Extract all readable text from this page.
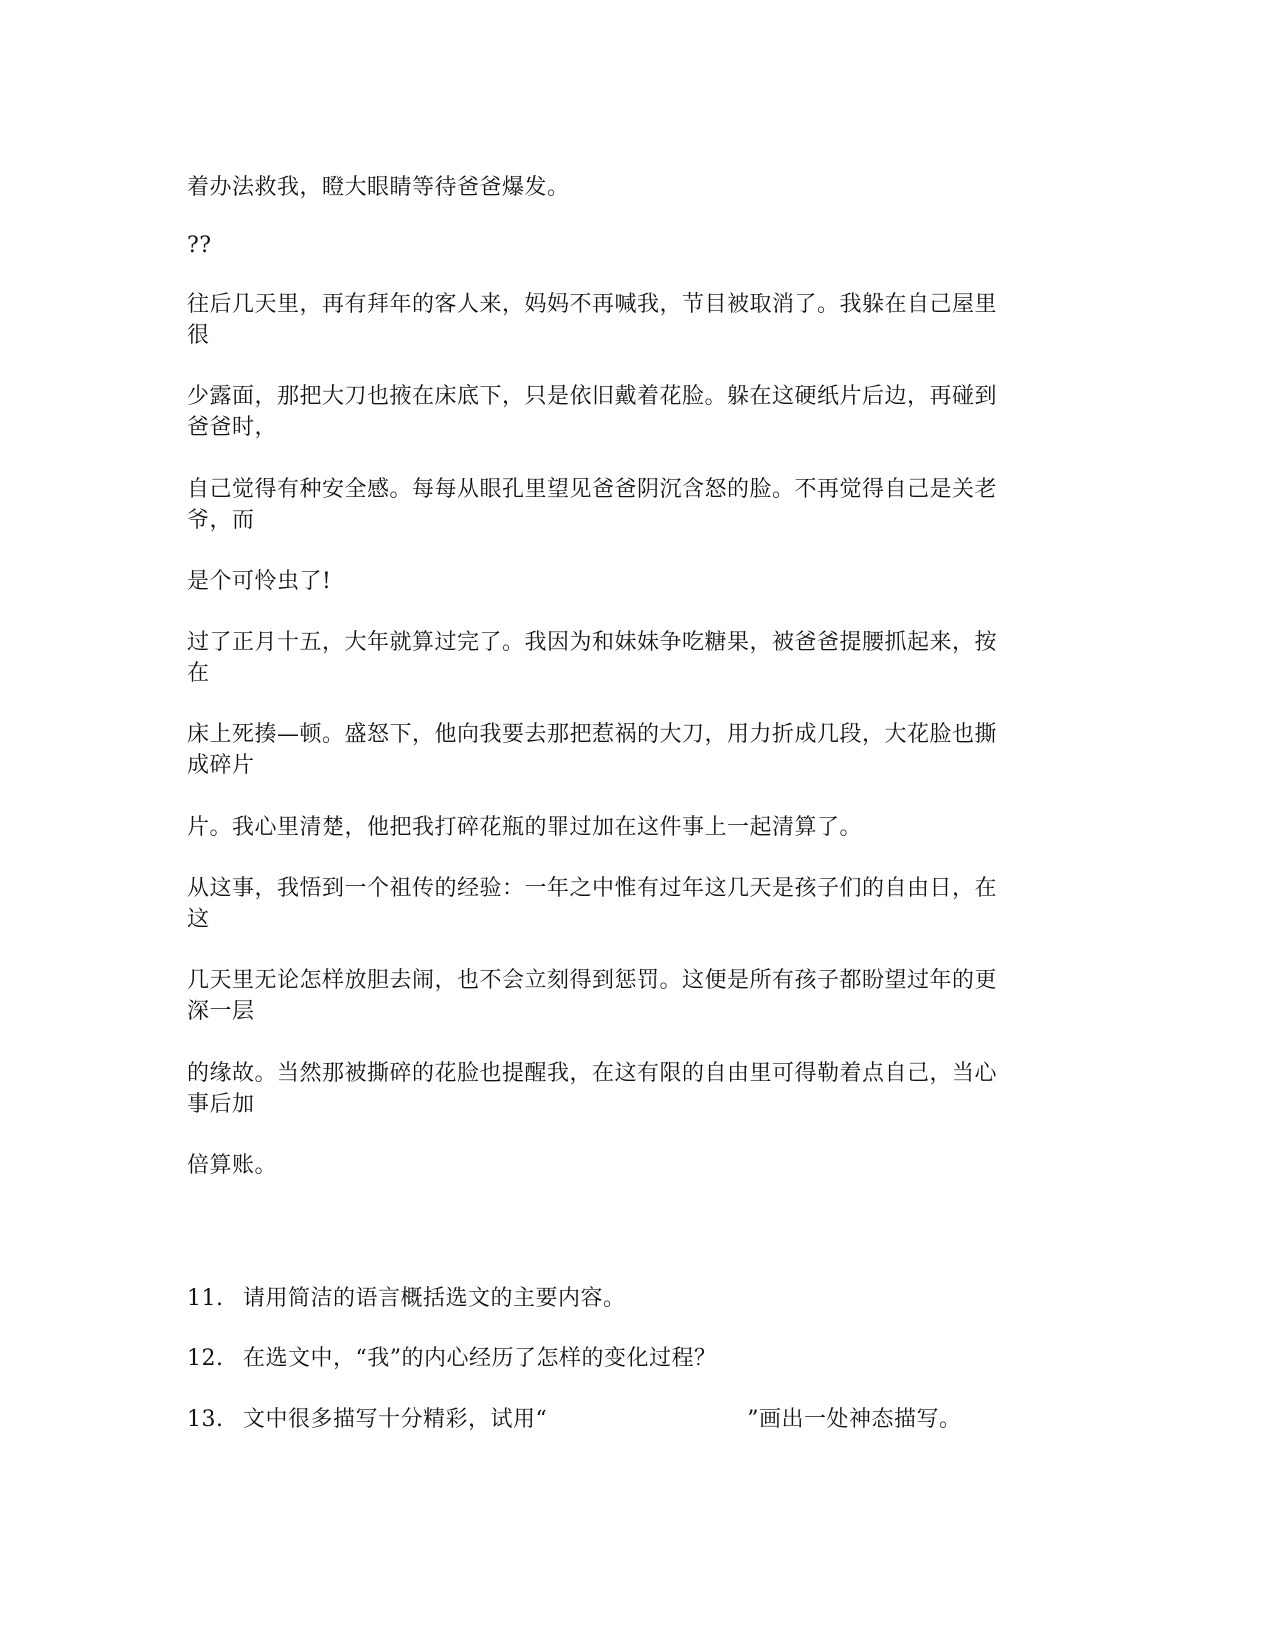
着办法救我，瞪大眼睛等待爸爸爆发。
??
往后几天里，再有拜年的客人来，妈妈不再喊我，节目被取消了。我躲在自己屋里
很
少露面，那把大刀也掖在床底下，只是依旧戴着花脸。躲在这硬纸片后边，再碰到
爸爸时，
自己觉得有种安全感。每每从眼孔里望见爸爸阴沉含怒的脸。不再觉得自己是关老
爷，而
是个可怜虫了!
过了正月十五，大年就算过完了。我因为和妹妹争吃糖果，被爸爸提腰抓起来，按
在
床上死揍—顿。盛怒下，他向我要去那把惹祸的大刀，用力折成几段，大花脸也撕
成碎片
片。我心里清楚，他把我打碎花瓶的罪过加在这件事上一起清算了。
从这事，我悟到一个祖传的经验：一年之中惟有过年这几天是孩子们的自由日，在
这
几天里无论怎样放胆去闹，也不会立刻得到惩罚。这便是所有孩子都盼望过年的更
深一层
的缘故。当然那被撕碎的花脸也提醒我，在这有限的自由里可得勒着点自己，当心
事后加
倍算账。
11. 请用简洁的语言概括选文的主要内容。
12. 在选文中，“我”的内心经历了怎样的变化过程？
13. 文中很多描写十分精彩，试用“	”画出一处神态描写。
